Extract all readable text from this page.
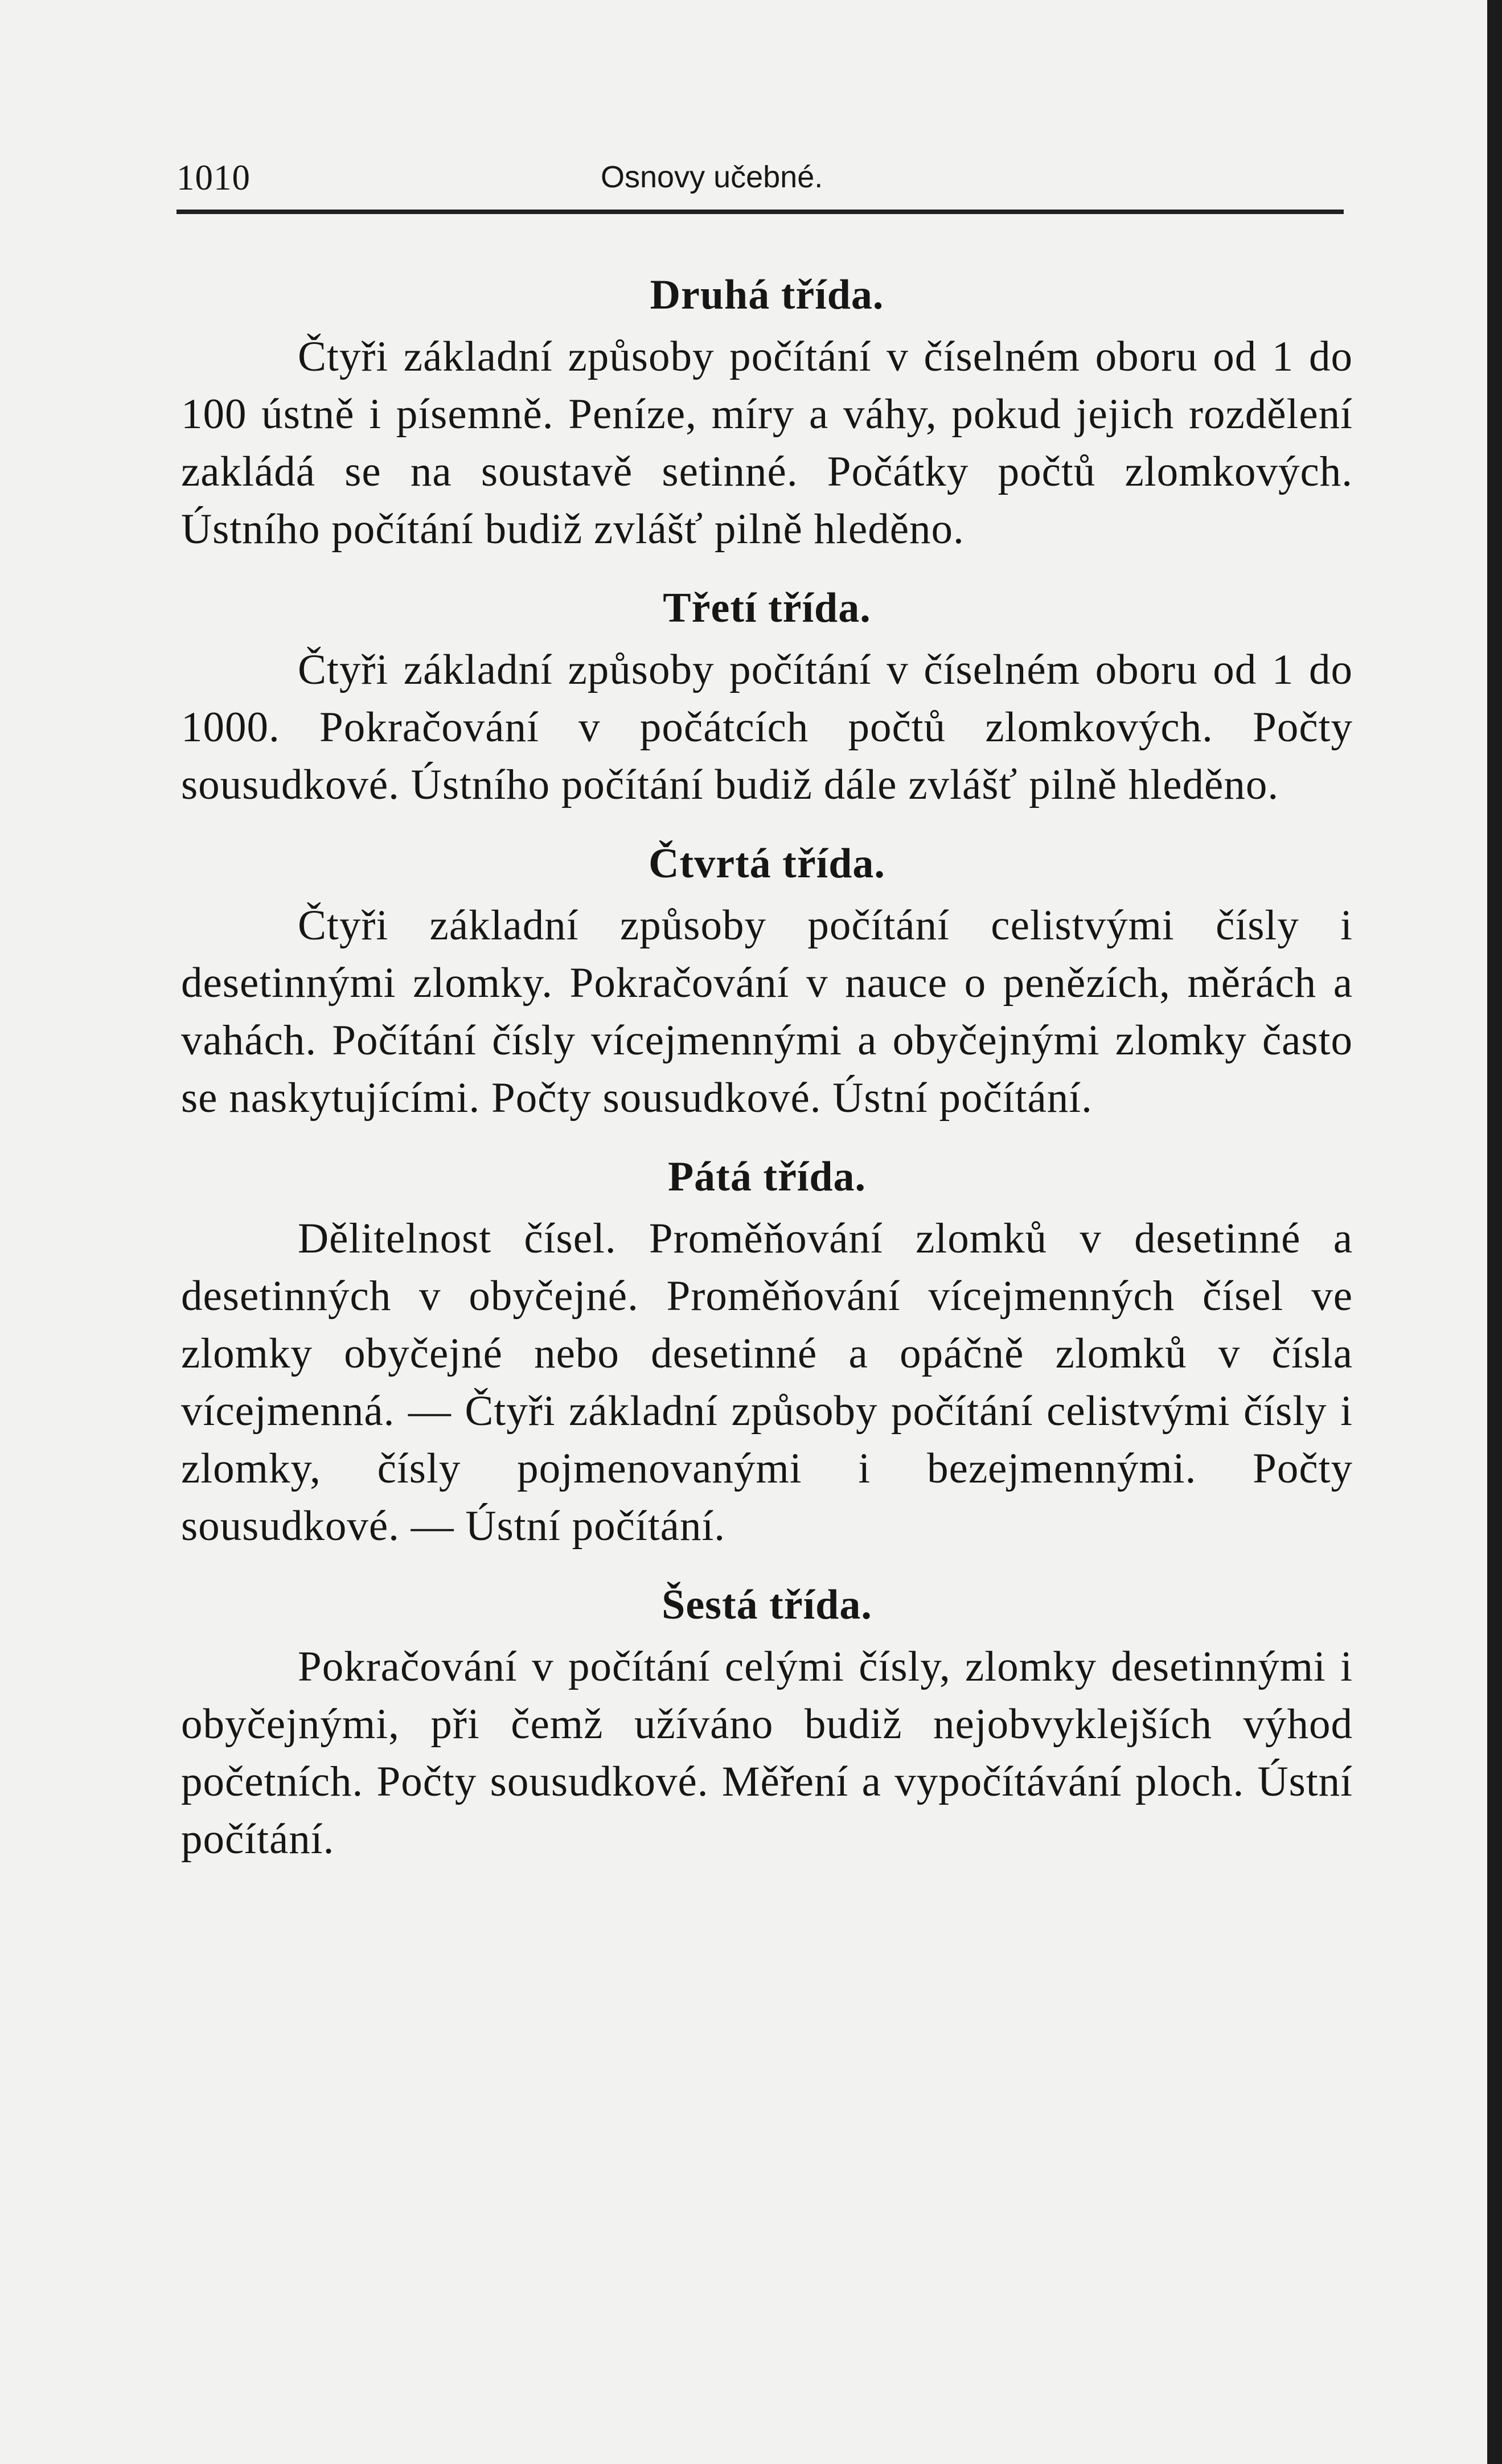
1010	Osnovy učebné.
Druhá třída.
Čtyři základní způsoby počítání v číselném oboru od 1 do 100 ústně i písemně. Peníze, míry a váhy, pokud jejich rozdělení zakládá se na soustavě setinné. Počátky počtů zlomkových. Ústního počítání budiž zvlášť pilně hleděno.
Třetí třída.
Čtyři základní způsoby počítání v číselném oboru od 1 do 1000. Pokračování v počátcích počtů zlomkových. Počty sousudkové. Ústního počítání budiž dále zvlášť pilně hleděno.
Čtvrtá třída.
Čtyři základní způsoby počítání celistvými čísly i desetinnými zlomky. Pokračování v nauce o penězích, měrách a vahách. Počítání čísly vícejmennými a obyčejnými zlomky často se naskytujícími. Počty sousudkové. Ústní počítání.
Pátá třída.
Dělitelnost čísel. Proměňování zlomků v desetinné a desetinných v obyčejné. Proměňování vícejmenných čísel ve zlomky obyčejné nebo desetinné a opáčně zlomků v čísla vícejmenná. — Čtyři základní způsoby počítání celistvými čísly i zlomky, čísly pojmenovanými i bezejmennými. Počty sousudkové. — Ústní počítání.
Šestá třída.
Pokračování v počítání celými čísly, zlomky desetinnými i obyčejnými, při čemž užíváno budiž nejobvyklejších výhod početních. Počty sousudkové. Měření a vypočítávání ploch. Ústní počítání.
